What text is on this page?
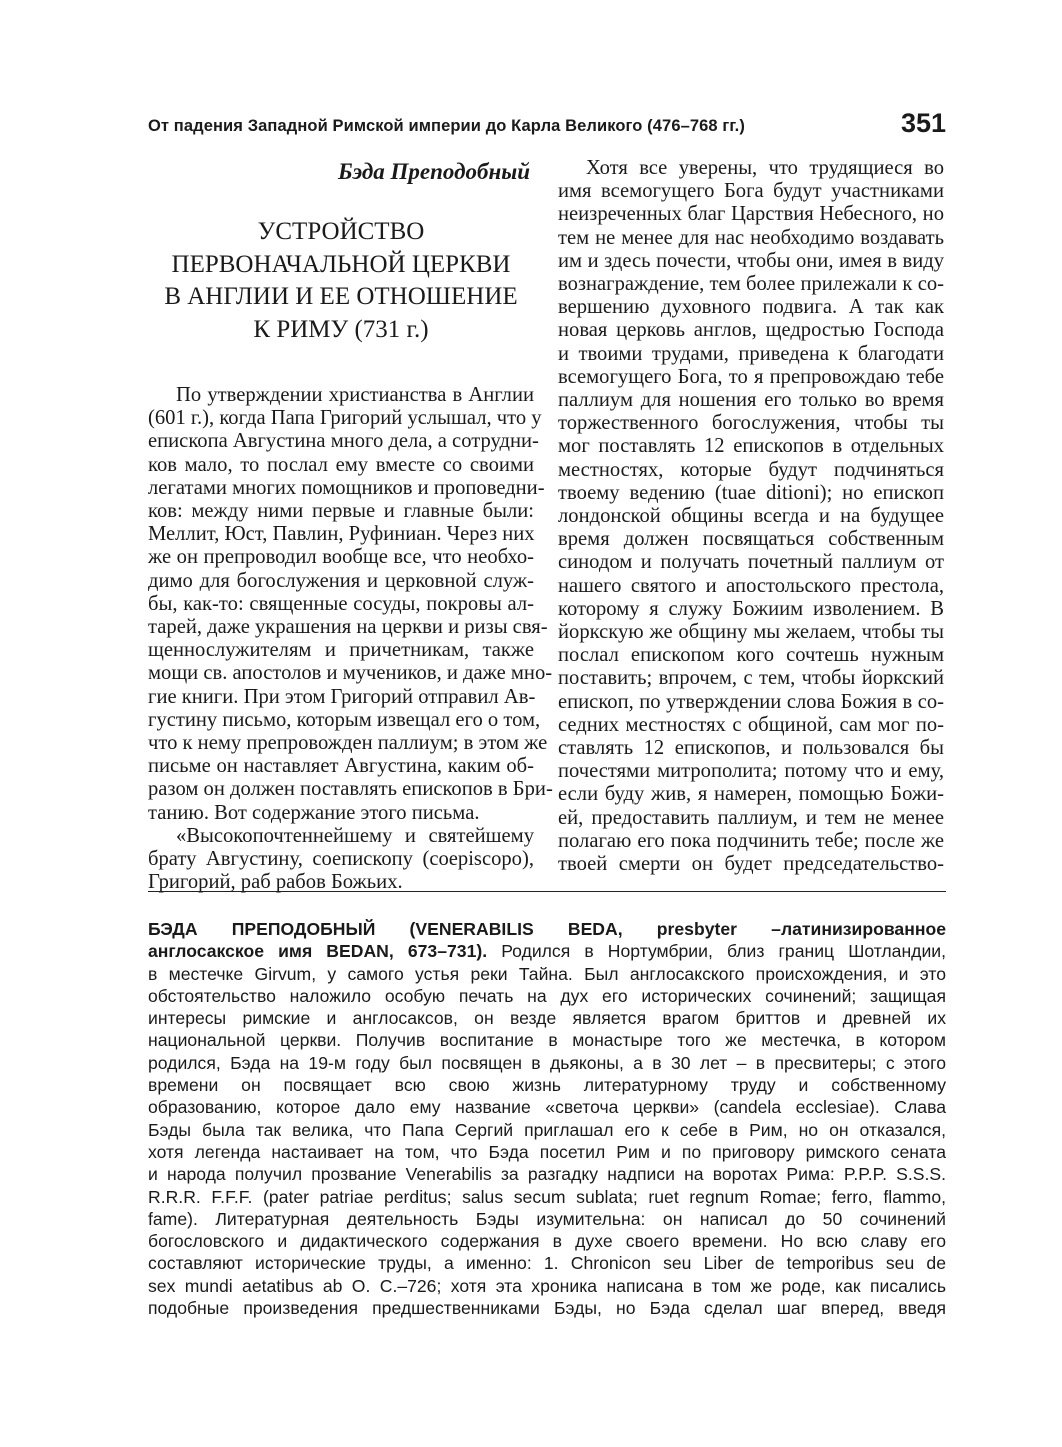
От падения Западной Римской империи до Карла Великого (476–768 гг.)	351
Бэда Преподобный
УСТРОЙСТВО
ПЕРВОНАЧАЛЬНОЙ ЦЕРКВИ
В АНГЛИИ И ЕЕ ОТНОШЕНИЕ
К РИМУ (731 г.)
По утверждении христианства в Англии
(601 г.), когда Папа Григорий услышал, что у
епископа Августина много дела, а сотрудни-
ков мало, то послал ему вместе со своими
легатами многих помощников и проповедни-
ков: между ними первые и главные были:
Меллит, Юст, Павлин, Руфиниан. Через них
же он препроводил вообще все, что необхо-
димо для богослужения и церковной служ-
бы, как-то: священные сосуды, покровы ал-
тарей, даже украшения на церкви и ризы свя-
щеннослужителям и причетникам, также
мощи св. апостолов и мучеников, и даже мно-
гие книги. При этом Григорий отправил Ав-
густину письмо, которым извещал его о том,
что к нему препровожден паллиум; в этом же
письме он наставляет Августина, каким об-
разом он должен поставлять епископов в Бри-
танию. Вот содержание этого письма.
«Высокопочтеннейшему и святейшему
брату Августину, соепископу (coepiscopo),
Григорий, раб рабов Божьих.
Хотя все уверены, что трудящиеся во
имя всемогущего Бога будут участниками
неизреченных благ Царствия Небесного, но
тем не менее для нас необходимо воздавать
им и здесь почести, чтобы они, имея в виду
вознаграждение, тем более прилежали к со-
вершению духовного подвига. А так как
новая церковь англов, щедростью Господа
и твоими трудами, приведена к благодати
всемогущего Бога, то я препровождаю тебе
паллиум для ношения его только во время
торжественного богослужения, чтобы ты
мог поставлять 12 епископов в отдельных
местностях, которые будут подчиняться
твоему ведению (tuae ditioni); но епископ
лондонской общины всегда и на будущее
время должен посвящаться собственным
синодом и получать почетный паллиум от
нашего святого и апостольского престола,
которому я служу Божиим изволением. В
йоркскую же общину мы желаем, чтобы ты
послал епископом кого сочтешь нужным
поставить; впрочем, с тем, чтобы йоркский
епископ, по утверждении слова Божия в со-
седних местностях с общиной, сам мог по-
ставлять 12 епископов, и пользовался бы
почестями митрополита; потому что и ему,
если буду жив, я намерен, помощью Божи-
ей, предоставить паллиум, и тем не менее
полагаю его пока подчинить тебе; после же
твоей смерти он будет председательство-
БЭДА ПРЕПОДОБНЫЙ (VENERABILIS BEDA, presbyter –латинизированное
англосакское имя BEDAN, 673–731). Родился в Нортумбрии, близ границ Шотландии,
в местечке Girvum, у самого устья реки Тайна. Был англосакского происхождения, и это
обстоятельство наложило особую печать на дух его исторических сочинений; защищая
интересы римские и англосаксов, он везде является врагом бриттов и древней их
национальной церкви. Получив воспитание в монастыре того же местечка, в котором
родился, Бэда на 19-м году был посвящен в дьяконы, а в 30 лет – в пресвитеры; с этого
времени он посвящает всю свою жизнь литературному труду и собственному
образованию, которое дало ему название «светоча церкви» (candela ecclesiae). Слава
Бэды была так велика, что Папа Сергий приглашал его к себе в Рим, но он отказался,
хотя легенда настаивает на том, что Бэда посетил Рим и по приговору римского сената
и народа получил прозвание Venerabilis за разгадку надписи на воротах Рима: P.P.P. S.S.S.
R.R.R. F.F.F. (pater patriae perditus; salus secum sublata; ruet regnum Romae; ferro, flammo,
fame). Литературная деятельность Бэды изумительна: он написал до 50 сочинений
богословского и дидактического содержания в духе своего времени. Но всю славу его
составляют исторические труды, а именно: 1. Chronicon seu Liber de temporibus seu de
sex mundi aetatibus ab O. C.–726; хотя эта хроника написана в том же роде, как писались
подобные произведения предшественниками Бэды, но Бэда сделал шаг вперед, введя
